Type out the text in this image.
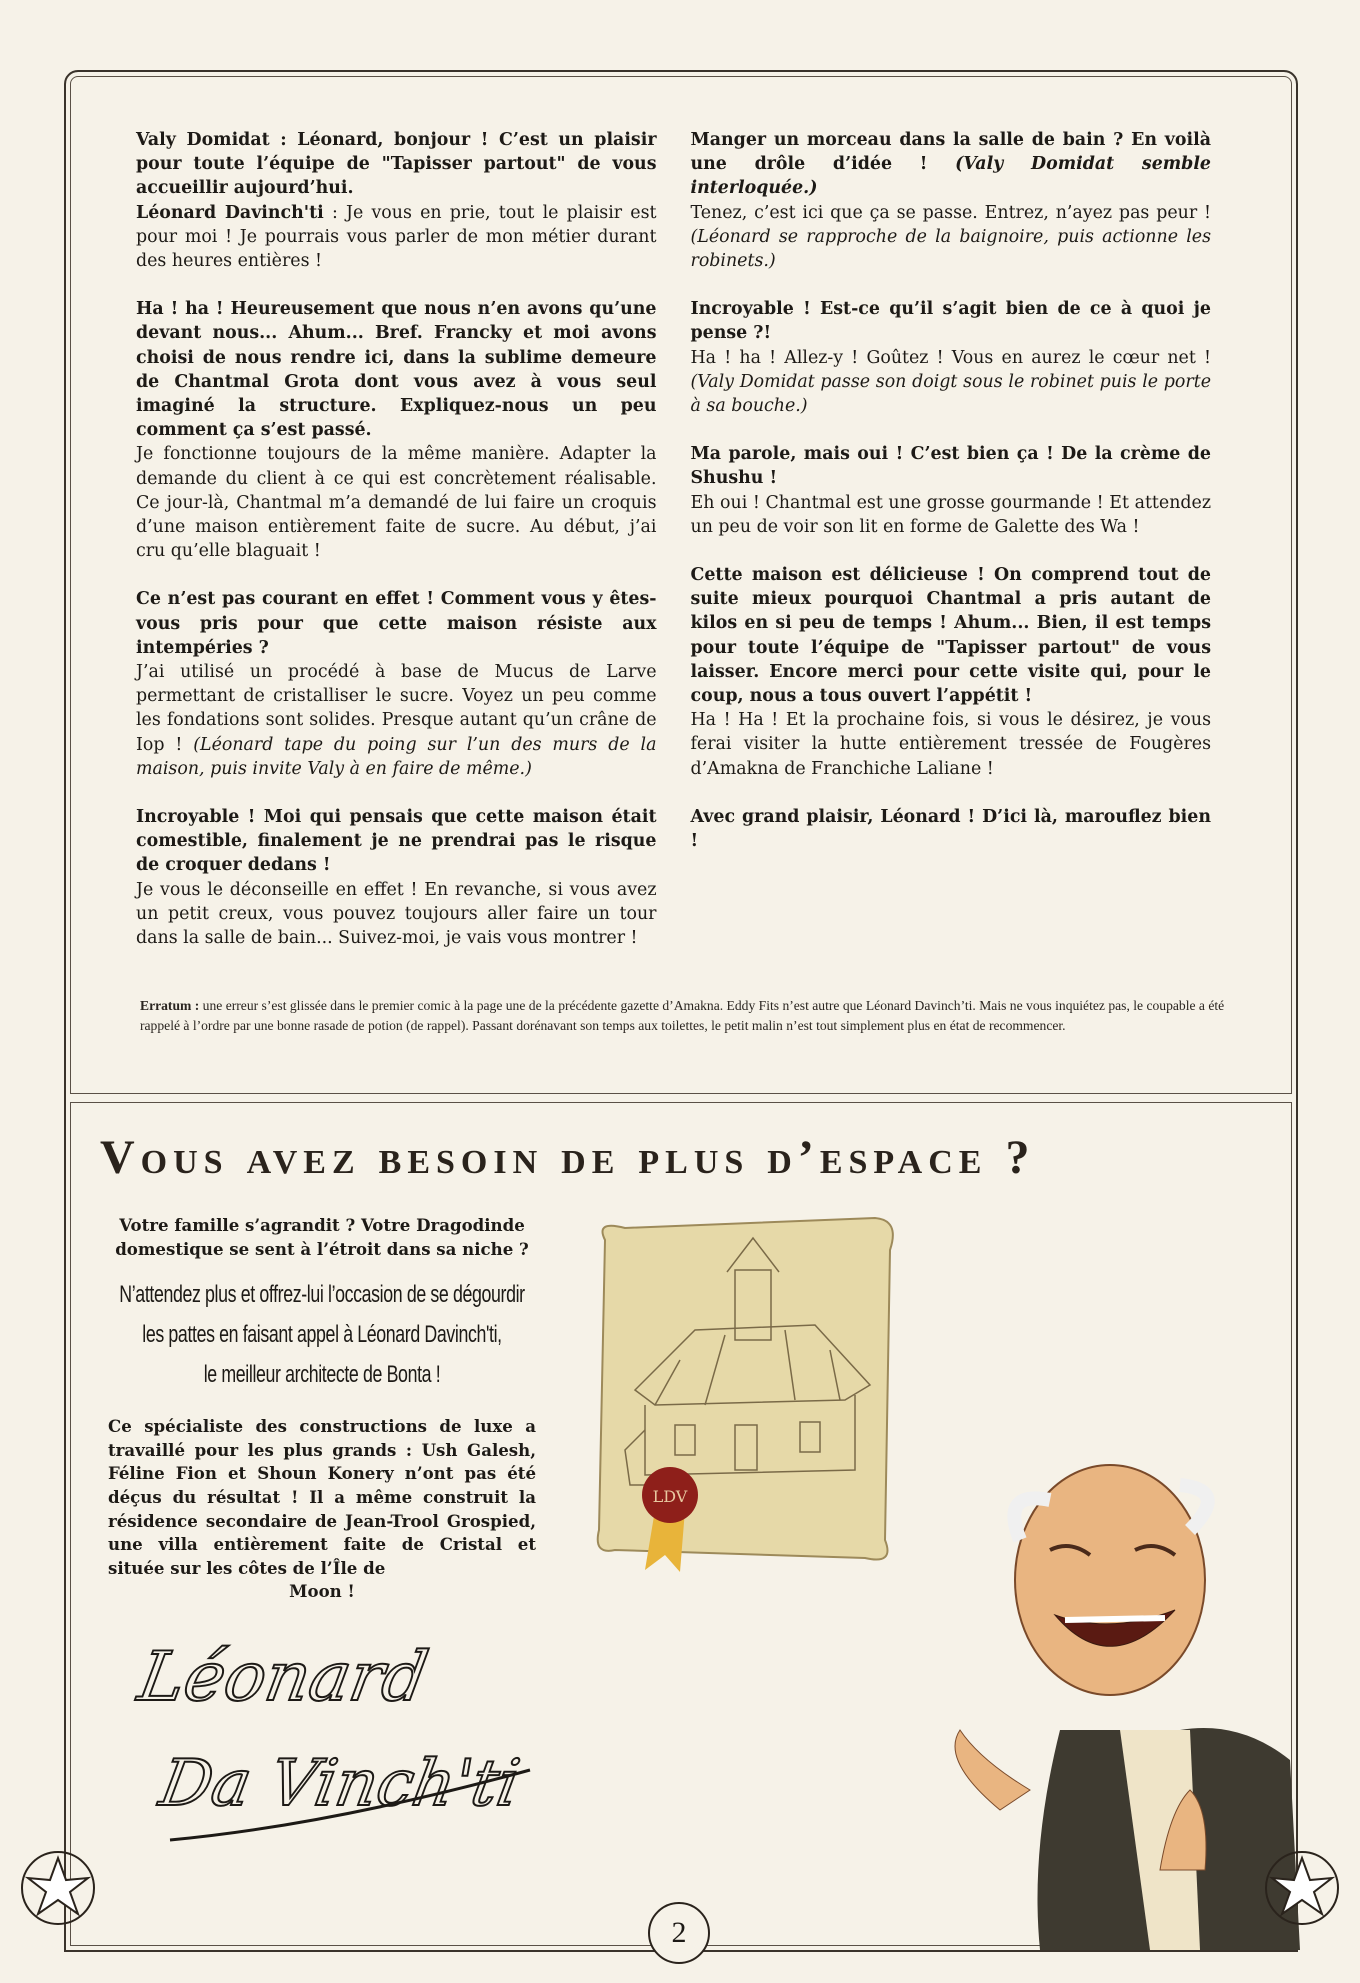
Valy Domidat : Léonard, bonjour ! C’est un plaisir pour toute l’équipe de "Tapisser partout" de vous accueillir aujourd’hui.
Léonard Davinch'ti : Je vous en prie, tout le plaisir est pour moi ! Je pourrais vous parler de mon métier durant des heures entières !

Ha ! ha ! Heureusement que nous n’en avons qu’une devant nous... Ahum... Bref. Francky et moi avons choisi de nous rendre ici, dans la sublime demeure de Chantmal Grota dont vous avez à vous seul imaginé la structure. Expliquez-nous un peu comment ça s’est passé.
Je fonctionne toujours de la même manière. Adapter la demande du client à ce qui est concrètement réalisable. Ce jour-là, Chantmal m’a demandé de lui faire un croquis d’une maison entièrement faite de sucre. Au début, j’ai cru qu’elle blaguait !

Ce n’est pas courant en effet ! Comment vous y êtes-vous pris pour que cette maison résiste aux intempéries ?
J’ai utilisé un procédé à base de Mucus de Larve permettant de cristalliser le sucre. Voyez un peu comme les fondations sont solides. Presque autant qu’un crâne de Iop ! (Léonard tape du poing sur l’un des murs de la maison, puis invite Valy à en faire de même.)

Incroyable ! Moi qui pensais que cette maison était comestible, finalement je ne prendrai pas le risque de croquer dedans !
Je vous le déconseille en effet ! En revanche, si vous avez un petit creux, vous pouvez toujours aller faire un tour dans la salle de bain... Suivez-moi, je vais vous montrer !

Manger un morceau dans la salle de bain ? En voilà une drôle d’idée ! (Valy Domidat semble interloquée.)
Tenez, c’est ici que ça se passe. Entrez, n’ayez pas peur ! (Léonard se rapproche de la baignoire, puis actionne les robinets.)

Incroyable ! Est-ce qu’il s’agit bien de ce à quoi je pense ?!
Ha ! ha ! Allez-y ! Goûtez ! Vous en aurez le cœur net ! (Valy Domidat passe son doigt sous le robinet puis le porte à sa bouche.)

Ma parole, mais oui ! C’est bien ça ! De la crème de Shushu !
Eh oui ! Chantmal est une grosse gourmande ! Et attendez un peu de voir son lit en forme de Galette des Wa !

Cette maison est délicieuse ! On comprend tout de suite mieux pourquoi Chantmal a pris autant de kilos en si peu de temps ! Ahum... Bien, il est temps pour toute l’équipe de "Tapisser partout" de vous laisser. Encore merci pour cette visite qui, pour le coup, nous a tous ouvert l’appétit !
Ha ! Ha ! Et la prochaine fois, si vous le désirez, je vous ferai visiter la hutte entièrement tressée de Fougères d’Amakna de Franchiche Laliane !

Avec grand plaisir, Léonard ! D’ici là, marouflez bien !

Erratum : une erreur s’est glissée dans le premier comic à la page une de la précédente gazette d’Amakna. Eddy Fits n’est autre que Léonard Davinch’ti. Mais ne vous inquiétez pas, le coupable a été rappelé à l’ordre par une bonne rasade de potion (de rappel). Passant dorénavant son temps aux toilettes, le petit malin n’est tout simplement plus en état de recommencer.
Vous avez besoin de plus d’espace ?
Votre famille s’agrandit ? Votre Dragodinde domestique se sent à l’étroit dans sa niche ?
N’attendez plus et offrez-lui l’occasion de se dégourdir
les pattes en faisant appel à Léonard Davinch'ti,
le meilleur architecte de Bonta !
Ce spécialiste des constructions de luxe a travaillé pour les plus grands : Ush Galesh, Féline Fion et Shoun Konery n’ont pas été déçus du résultat ! Il a même construit la résidence secondaire de Jean-Trool Grospied, une villa entièrement faite de Cristal et située sur les côtes de l’Île de
Moon !
Léonard
Da Vinch'ti
LDV
2
